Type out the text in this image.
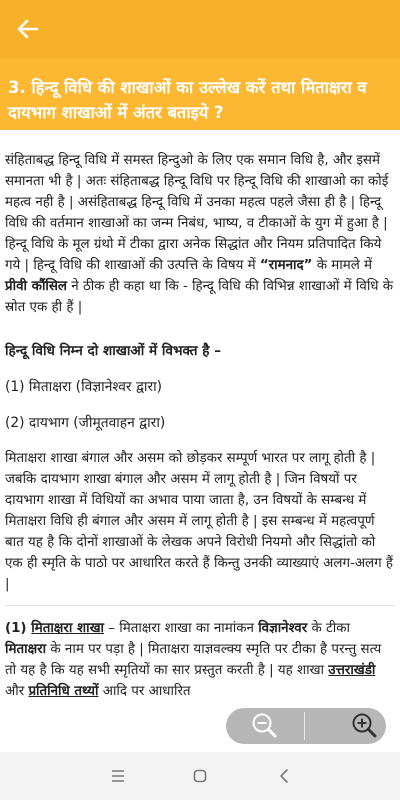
3. हिन्दू विधि की शाखाओं का उल्लेख करें तथा मिताक्षरा व दायभाग शाखाओं में अंतर बताइये ?

संहिताबद्ध हिन्दू विधि में समस्त हिन्दुओ के लिए एक समान विधि है, और इसमें समानता भी है | अतः संहिताबद्ध हिन्दू विधि पर हिन्दू विधि की शाखाओ का कोई महत्व नही है | असंहिताबद्ध हिन्दू विधि में उनका महत्व पहले जैसा ही है | हिन्दू विधि की वर्तमान शाखाओं का जन्म निबंध, भाष्य, व टीकाओं के युग में हुआ है | हिन्दू विधि के मूल ग्रंथो में टीका द्वारा अनेक सिद्धांत और नियम प्रतिपादित किये गये | हिन्दू विधि की शाखाओं की उत्पत्ति के विषय में “रामनाद” के मामले में प्रीवी कौंसिल ने ठीक ही कहा था कि - हिन्दू विधि की विभिन्न शाखाओं में विधि के स्रोत एक ही हैं |

हिन्दू विधि निम्न दो शाखाओं में विभक्त है –

(1) मिताक्षरा (विज्ञानेश्वर द्वारा)

(2) दायभाग (जीमूतवाहन द्वारा)

मिताक्षरा शाखा बंगाल और असम को छोड़कर सम्पूर्ण भारत पर लागू होती है | जबकि दायभाग शाखा बंगाल और असम में लागू होती है | जिन विषयों पर दायभाग शाखा में विधियों का अभाव पाया जाता है, उन विषयों के सम्बन्ध में मिताक्षरा विधि ही बंगाल और असम में लागू होती है | इस सम्बन्ध में महत्वपूर्ण बात यह है कि दोनों शाखाओं के लेखक अपने विरोधी नियमो और सिद्धांतो को एक ही स्मृति के पाठो पर आधारित करते हैं किन्तु उनकी व्याख्याएं अलग-अलग हैं |

(1) मिताक्षरा शाखा – मिताक्षरा शाखा का नामांकन विज्ञानेश्वर के टीका मिताक्षरा के नाम पर पड़ा है | मिताक्षरा याज्ञवल्क्य स्मृति पर टीका है परन्तु सत्य तो यह है कि यह सभी स्मृतियों का सार प्रस्तुत करती है | यह शाखा उत्तराखंडी और प्रतिनिधि तथ्यों आदि पर आधारित
